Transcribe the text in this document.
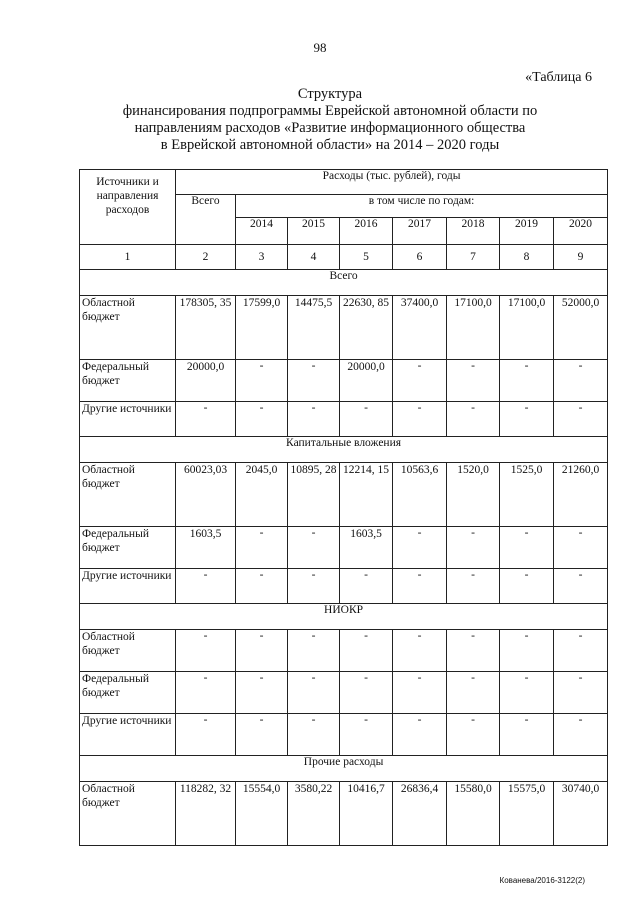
98
«Таблица 6
Структура
финансирования подпрограммы Еврейской автономной области по
направлениям расходов «Развитие информационного общества
в Еврейской автономной области» на 2014 – 2020 годы
Источники и направления расходов	Расходы (тыс. рублей), годы							
	Всего	в том числе по годам:						
		2014	2015	2016	2017	2018	2019	2020
1	2	3	4	5	6	7	8	9
Всего								
Областной бюджет	178305, 35	17599,0	14475,5	22630, 85	37400,0	17100,0	17100,0	52000,0
Федеральный бюджет	20000,0	-	-	20000,0	-	-	-	-
Другие источники	-	-	-	-	-	-	-	-
Капитальные вложения								
Областной бюджет	60023,03	2045,0	10895, 28	12214, 15	10563,6	1520,0	1525,0	21260,0
Федеральный бюджет	1603,5	-	-	1603,5	-	-	-	-
Другие источники	-	-	-	-	-	-	-	-
НИОКР								
Областной бюджет	-	-	-	-	-	-	-	-
Федеральный бюджет	-	-	-	-	-	-	-	-
Другие источники	-	-	-	-	-	-	-	-
Прочие расходы								
Областной бюджет	118282, 32	15554,0	3580,22	10416,7	26836,4	15580,0	15575,0	30740,0
Кованева/2016-3122(2)
